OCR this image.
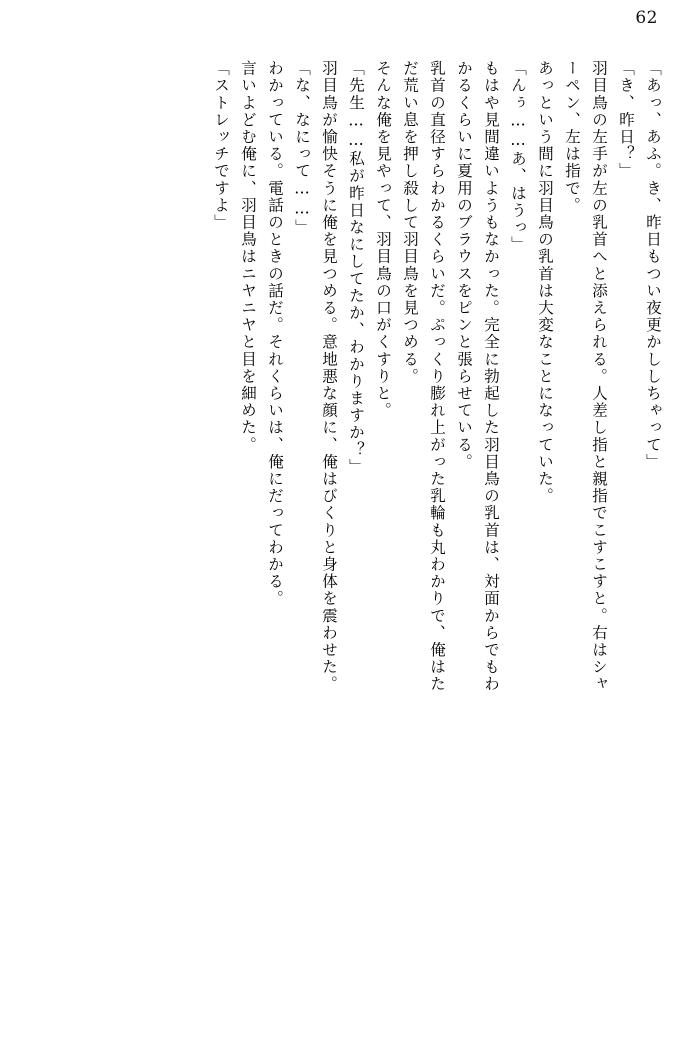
62
「あっ、あふ。き、昨日もつい夜更かししちゃって」
「き、昨日？」
羽目鳥の左手が左の乳首へと添えられる。人差し指と親指でこすこすと。右はシャ
ーペン、左は指で。
あっという間に羽目鳥の乳首は大変なことになっていた。
「んぅ……あ、はうっ」
もはや見間違いようもなかった。完全に勃起した羽目鳥の乳首は、対面からでもわ
かるくらいに夏用のブラウスをピンと張らせている。
乳首の直径すらわかるくらいだ。ぷっくり膨れ上がった乳輪も丸わかりで、俺はた
だ荒い息を押し殺して羽目鳥を見つめる。
そんな俺を見やって、羽目鳥の口がくすりと。
「先生……私が昨日なにしてたか、わかりますか？」
羽目鳥が愉快そうに俺を見つめる。意地悪な顔に、俺はびくりと身体を震わせた。
「な、なにって……」
わかっている。電話のときの話だ。それくらいは、俺にだってわかる。
言いよどむ俺に、羽目鳥はニヤニヤと目を細めた。
「ストレッチですよ」
